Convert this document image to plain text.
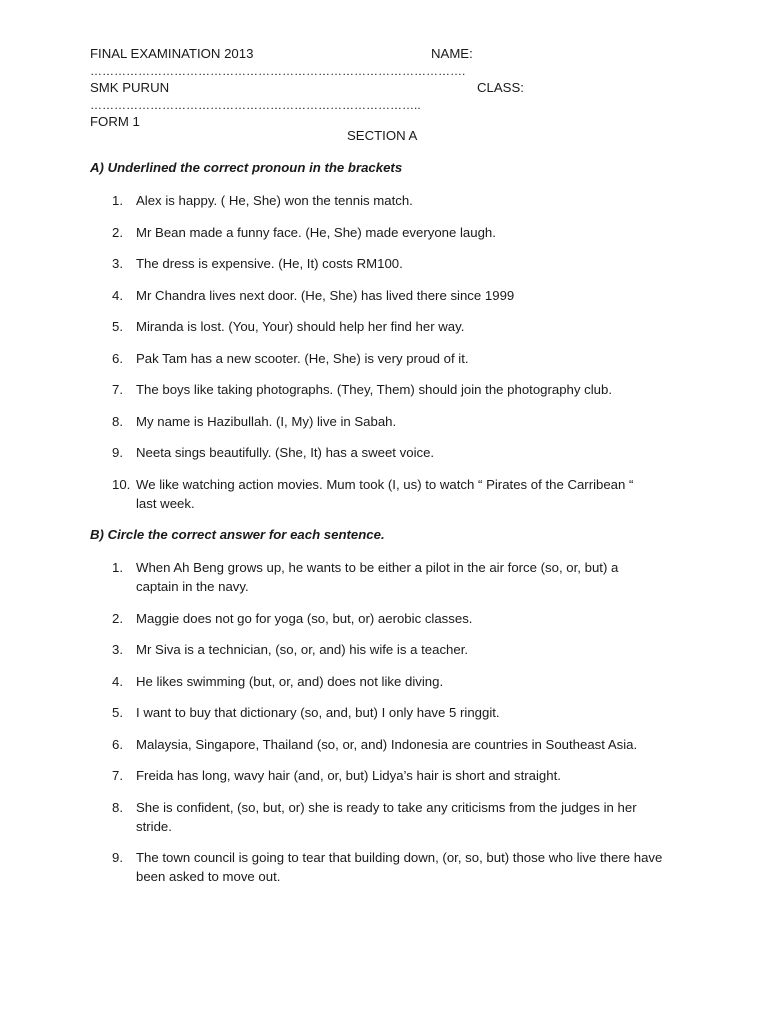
FINAL EXAMINATION 2013	NAME:
………………………………………………………………………………….
SMK PURUN	CLASS:
………………………………………………………………………..
FORM 1
SECTION A
A) Underlined the correct pronoun in the brackets
1. Alex is happy. ( He, She) won the tennis match.
2. Mr Bean made a funny face. (He, She) made everyone laugh.
3. The dress is expensive. (He, It) costs RM100.
4. Mr Chandra lives next door. (He, She) has lived there since 1999
5. Miranda is lost. (You, Your) should help her find her way.
6. Pak Tam has a new scooter. (He, She) is very proud of it.
7. The boys like taking photographs. (They, Them) should join the photography club.
8. My name is Hazibullah. (I, My) live in Sabah.
9. Neeta sings beautifully. (She, It) has a sweet voice.
10. We like watching action movies. Mum took (I, us) to watch “ Pirates of the Carribean “ last week.
B) Circle the correct answer for each sentence.
1. When Ah Beng grows up, he wants to be either a pilot in the air force (so, or, but) a captain in the navy.
2. Maggie does not go for yoga (so, but, or) aerobic classes.
3. Mr Siva is a technician, (so, or, and) his wife is a teacher.
4. He likes swimming (but, or, and) does not like diving.
5. I want to buy that dictionary (so, and, but) I only have 5 ringgit.
6. Malaysia, Singapore, Thailand (so, or, and) Indonesia are countries in Southeast Asia.
7. Freida has long, wavy hair (and, or, but) Lidya’s hair is short and straight.
8. She is confident, (so, but, or) she is ready to take any criticisms from the judges in her stride.
9. The town council is going to tear that building down, (or, so, but) those who live there have been asked to move out.
